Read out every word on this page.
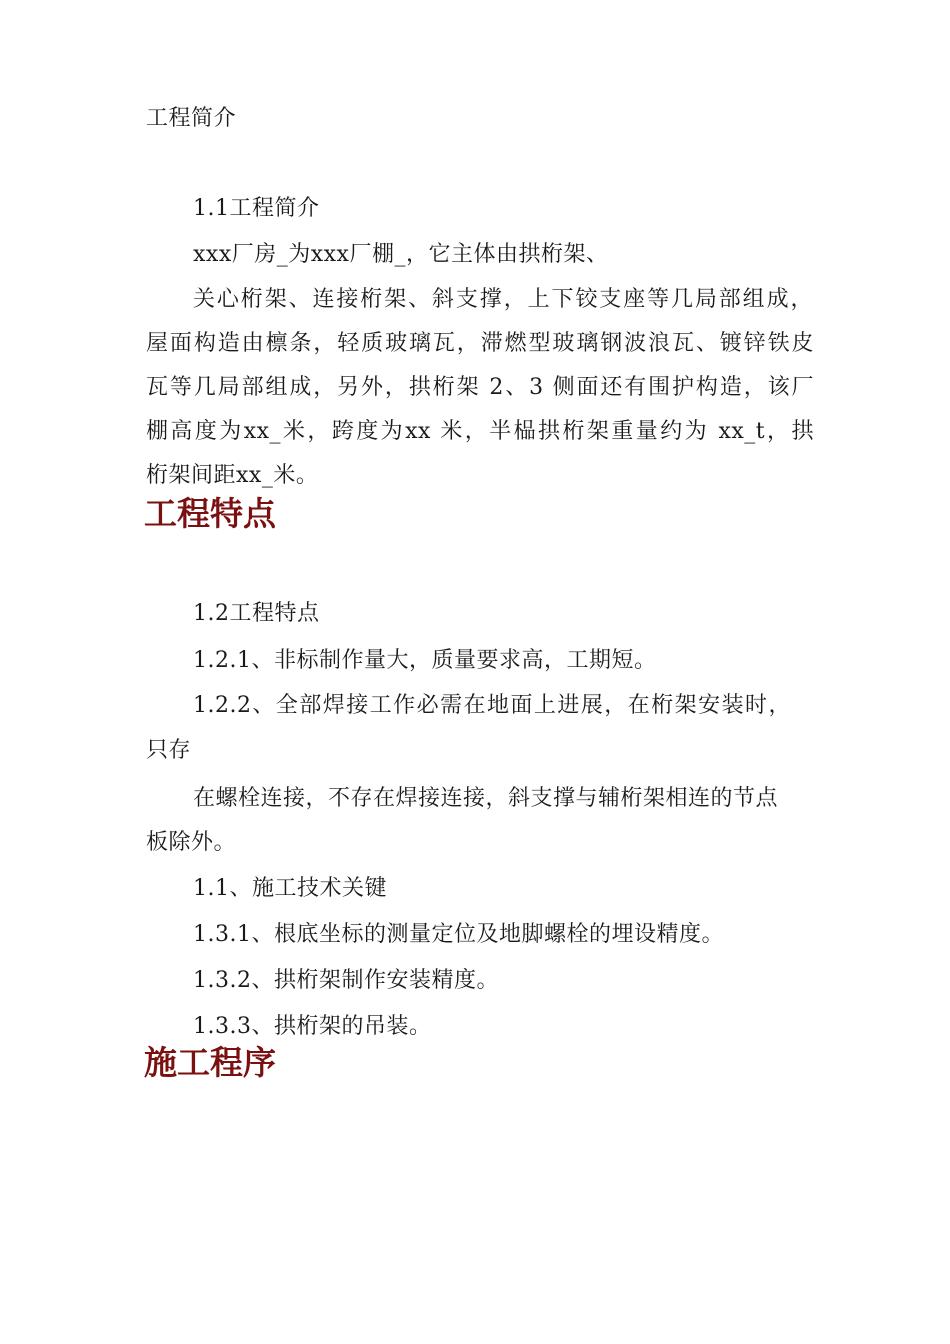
工程简介
1.1工程简介
xxx厂房_为xxx厂棚_，它主体由拱桁架、
关心桁架、连接桁架、斜支撑，上下铰支座等几局部组成，
屋面构造由檩条，轻质玻璃瓦，滞燃型玻璃钢波浪瓦、镀锌铁皮
瓦等几局部组成，另外，拱桁架 2、3 侧面还有围护构造，该厂
棚高度为xx_米，跨度为xx 米，半榀拱桁架重量约为 xx_t，拱
桁架间距xx_米。
工程特点
1.2工程特点
1.2.1、非标制作量大，质量要求高，工期短。
1.2.2、全部焊接工作必需在地面上进展，在桁架安装时，
只存
在螺栓连接，不存在焊接连接，斜支撑与辅桁架相连的节点
板除外。
1.1、施工技术关键
1.3.1、根底坐标的测量定位及地脚螺栓的埋设精度。
1.3.2、拱桁架制作安装精度。
1.3.3、拱桁架的吊装。
施工程序
